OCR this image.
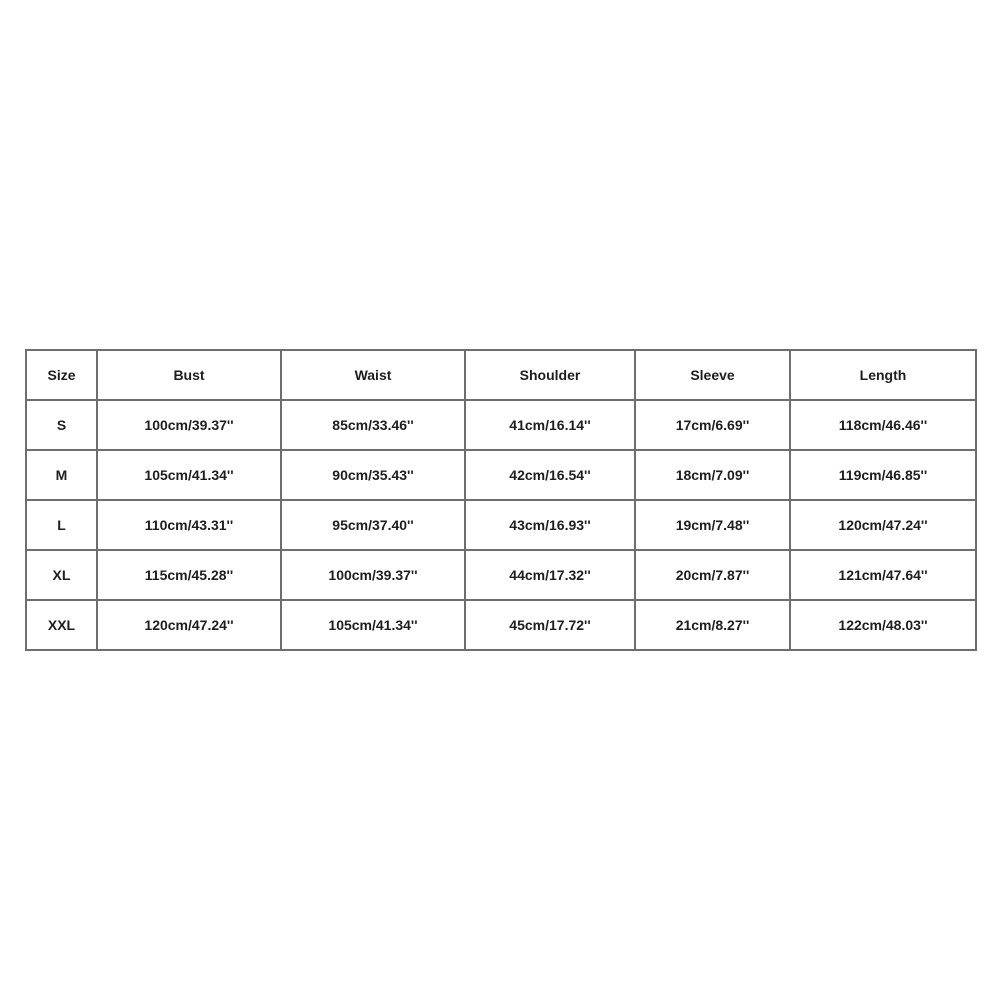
Size	Bust	Waist	Shoulder	Sleeve	Length
S	100cm/39.37''	85cm/33.46''	41cm/16.14''	17cm/6.69''	118cm/46.46''
M	105cm/41.34''	90cm/35.43''	42cm/16.54''	18cm/7.09''	119cm/46.85''
L	110cm/43.31''	95cm/37.40''	43cm/16.93''	19cm/7.48''	120cm/47.24''
XL	115cm/45.28''	100cm/39.37''	44cm/17.32''	20cm/7.87''	121cm/47.64''
XXL	120cm/47.24''	105cm/41.34''	45cm/17.72''	21cm/8.27''	122cm/48.03''
